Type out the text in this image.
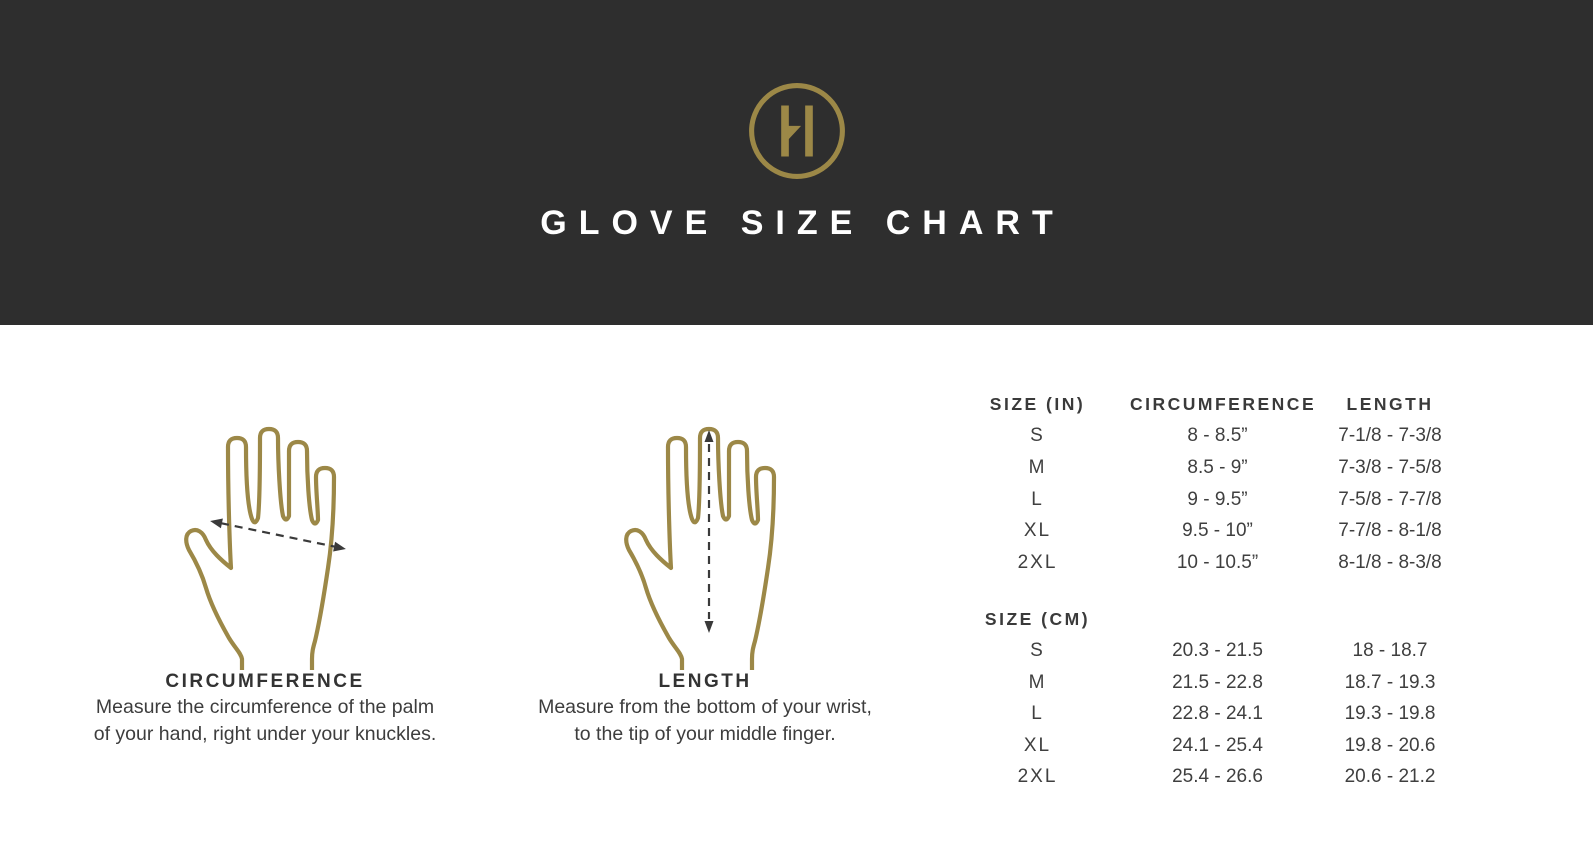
GLOVE SIZE CHART
CIRCUMFERENCE
Measure the circumference of the palm
of your hand, right under your knuckles.
LENGTH
Measure from the bottom of your wrist,
to the tip of your middle finger.
SIZE (IN)	CIRCUMFERENCE	LENGTH
S	8 - 8.5”	7-1/8 - 7-3/8
M	8.5 - 9”	7-3/8 - 7-5/8
L	9 - 9.5”	7-5/8 - 7-7/8
XL	9.5 - 10”	7-7/8 - 8-1/8
2XL	10 - 10.5”	8-1/8 - 8-3/8
SIZE (CM)
S	20.3 - 21.5	18 - 18.7
M	21.5 - 22.8	18.7 - 19.3
L	22.8 - 24.1	19.3 - 19.8
XL	24.1 - 25.4	19.8 - 20.6
2XL	25.4 - 26.6	20.6 - 21.2
